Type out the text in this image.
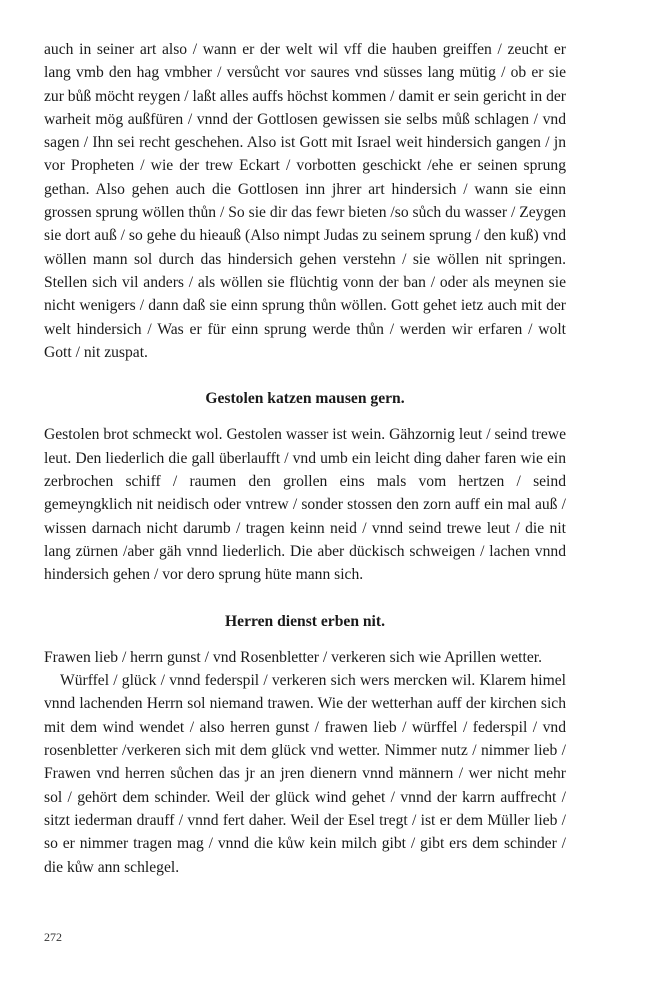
auch in seiner art also / wann er der welt wil vff die hauben greiffen / zeucht er lang vmb den hag vmbher / versůcht vor saures vnd süsses lang mütig / ob er sie zur bůß möcht reygen / laßt alles auffs höchst kommen / damit er sein gericht in der warheit mög außfüren / vnnd der Gottlosen gewissen sie selbs můß schlagen / vnd sagen / Ihn sei recht geschehen. Also ist Gott mit Israel weit hindersich gangen / jn vor Propheten / wie der trew Eckart / vorbotten geschickt /ehe er seinen sprung gethan. Also gehen auch die Gottlosen inn jhrer art hindersich / wann sie einn grossen sprung wöllen thůn / So sie dir das fewr bieten /so sůch du wasser / Zeygen sie dort auß / so gehe du hieauß (Also nimpt Judas zu seinem sprung / den kuß) vnd wöllen mann sol durch das hindersich gehen verstehn / sie wöllen nit springen. Stellen sich vil anders / als wöllen sie flüchtig vonn der ban / oder als meynen sie nicht wenigers / dann daß sie einn sprung thůn wöllen. Gott gehet ietz auch mit der welt hindersich / Was er für einn sprung werde thůn / werden wir erfaren / wolt Gott / nit zuspat.

Gestolen katzen mausen gern.

Gestolen brot schmeckt wol. Gestolen wasser ist wein. Gähzornig leut / seind trewe leut. Den liederlich die gall überlaufft / vnd umb ein leicht ding daher faren wie ein zerbrochen schiff / raumen den grollen eins mals vom hertzen / seind gemeyngklich nit neidisch oder vntrew / sonder stossen den zorn auff ein mal auß / wissen darnach nicht darumb / tragen keinn neid / vnnd seind trewe leut / die nit lang zürnen /aber gäh vnnd liederlich. Die aber dückisch schweigen / lachen vnnd hindersich gehen / vor dero sprung hüte mann sich.

Herren dienst erben nit.

Frawen lieb / herrn gunst / vnd Rosenbletter / verkeren sich wie Aprillen wetter.

Würffel / glück / vnnd federspil / verkeren sich wers mercken wil. Klarem himel vnnd lachenden Herrn sol niemand trawen. Wie der wetterhan auff der kirchen sich mit dem wind wendet / also herren gunst / frawen lieb / würffel / federspil / vnd rosenbletter /verkeren sich mit dem glück vnd wetter. Nimmer nutz / nimmer lieb / Frawen vnd herren sůchen das jr an jren dienern vnnd männern / wer nicht mehr sol / gehört dem schinder. Weil der glück wind gehet / vnnd der karrn auffrecht / sitzt iederman drauff / vnnd fert daher. Weil der Esel tregt / ist er dem Müller lieb / so er nimmer tragen mag / vnnd die kůw kein milch gibt / gibt ers dem schinder / die kůw ann schlegel.

272
